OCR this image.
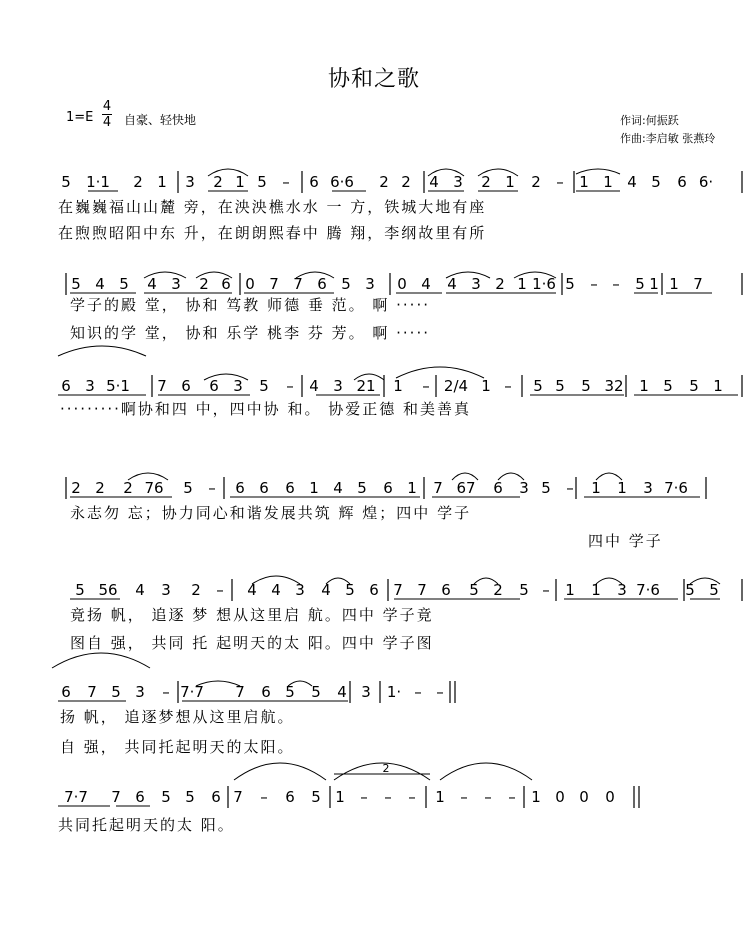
协和之歌
1=E
4
4 自豪、轻快地	作词:何振跃
作曲:李启敏 张燕玲
5 1·1 2 1 3 2 1 5 – 6 6·6 2 2 4 3 2 1 2 – 1 1 4 5 6 6·
在巍巍福山山麓 旁，在泱泱樵水水 一 方，铁城大地有座
在煦煦昭阳中东 升，在朗朗熙春中 腾 翔，李纲故里有所
5 4 5 4 3 2 6 0 7 7 6 5 3 0 4 4 3 2 1 1·6 5 – – 5 1 1 7
学子的殿 堂， 协和 笃教 师德 垂 范。 啊 ·····
知识的学 堂， 协和 乐学 桃李 芬 芳。 啊 ·····
6 3 5·1 7 6 6 3 5 – 4 3 21 1 – 2/4 1 – 5 5 5 32 1 5 5 1
·········啊协和四 中，四中协 和。 协爱正德 和美善真
2 2 2 76 5 – 6 6 6 1 4 5 6 1 7 67 6 3 5 – 1 1 3 7·6
永志勿 忘；协力同心和谐发展共筑 辉 煌；四中 学子
四中 学子
5 56 4 3 2 – 4 4 3 4 5 6 7 7 6 5 2 5 – 1 1 3 7·6 5 5
竟扬 帆， 追逐 梦 想从这里启 航。四中 学子竟
图自 强， 共同 托 起明天的太 阳。四中 学子图
6 7 5 3 – 7·7 7 6 5 5 4 3 1· – –
扬 帆， 追逐梦想从这里启航。
自 强， 共同托起明天的太阳。
7·7 7 6 5 5 6 7 – 6 5 1 – – – 1 – – – 1 0 0 0
共同托起明天的太 阳。
2
